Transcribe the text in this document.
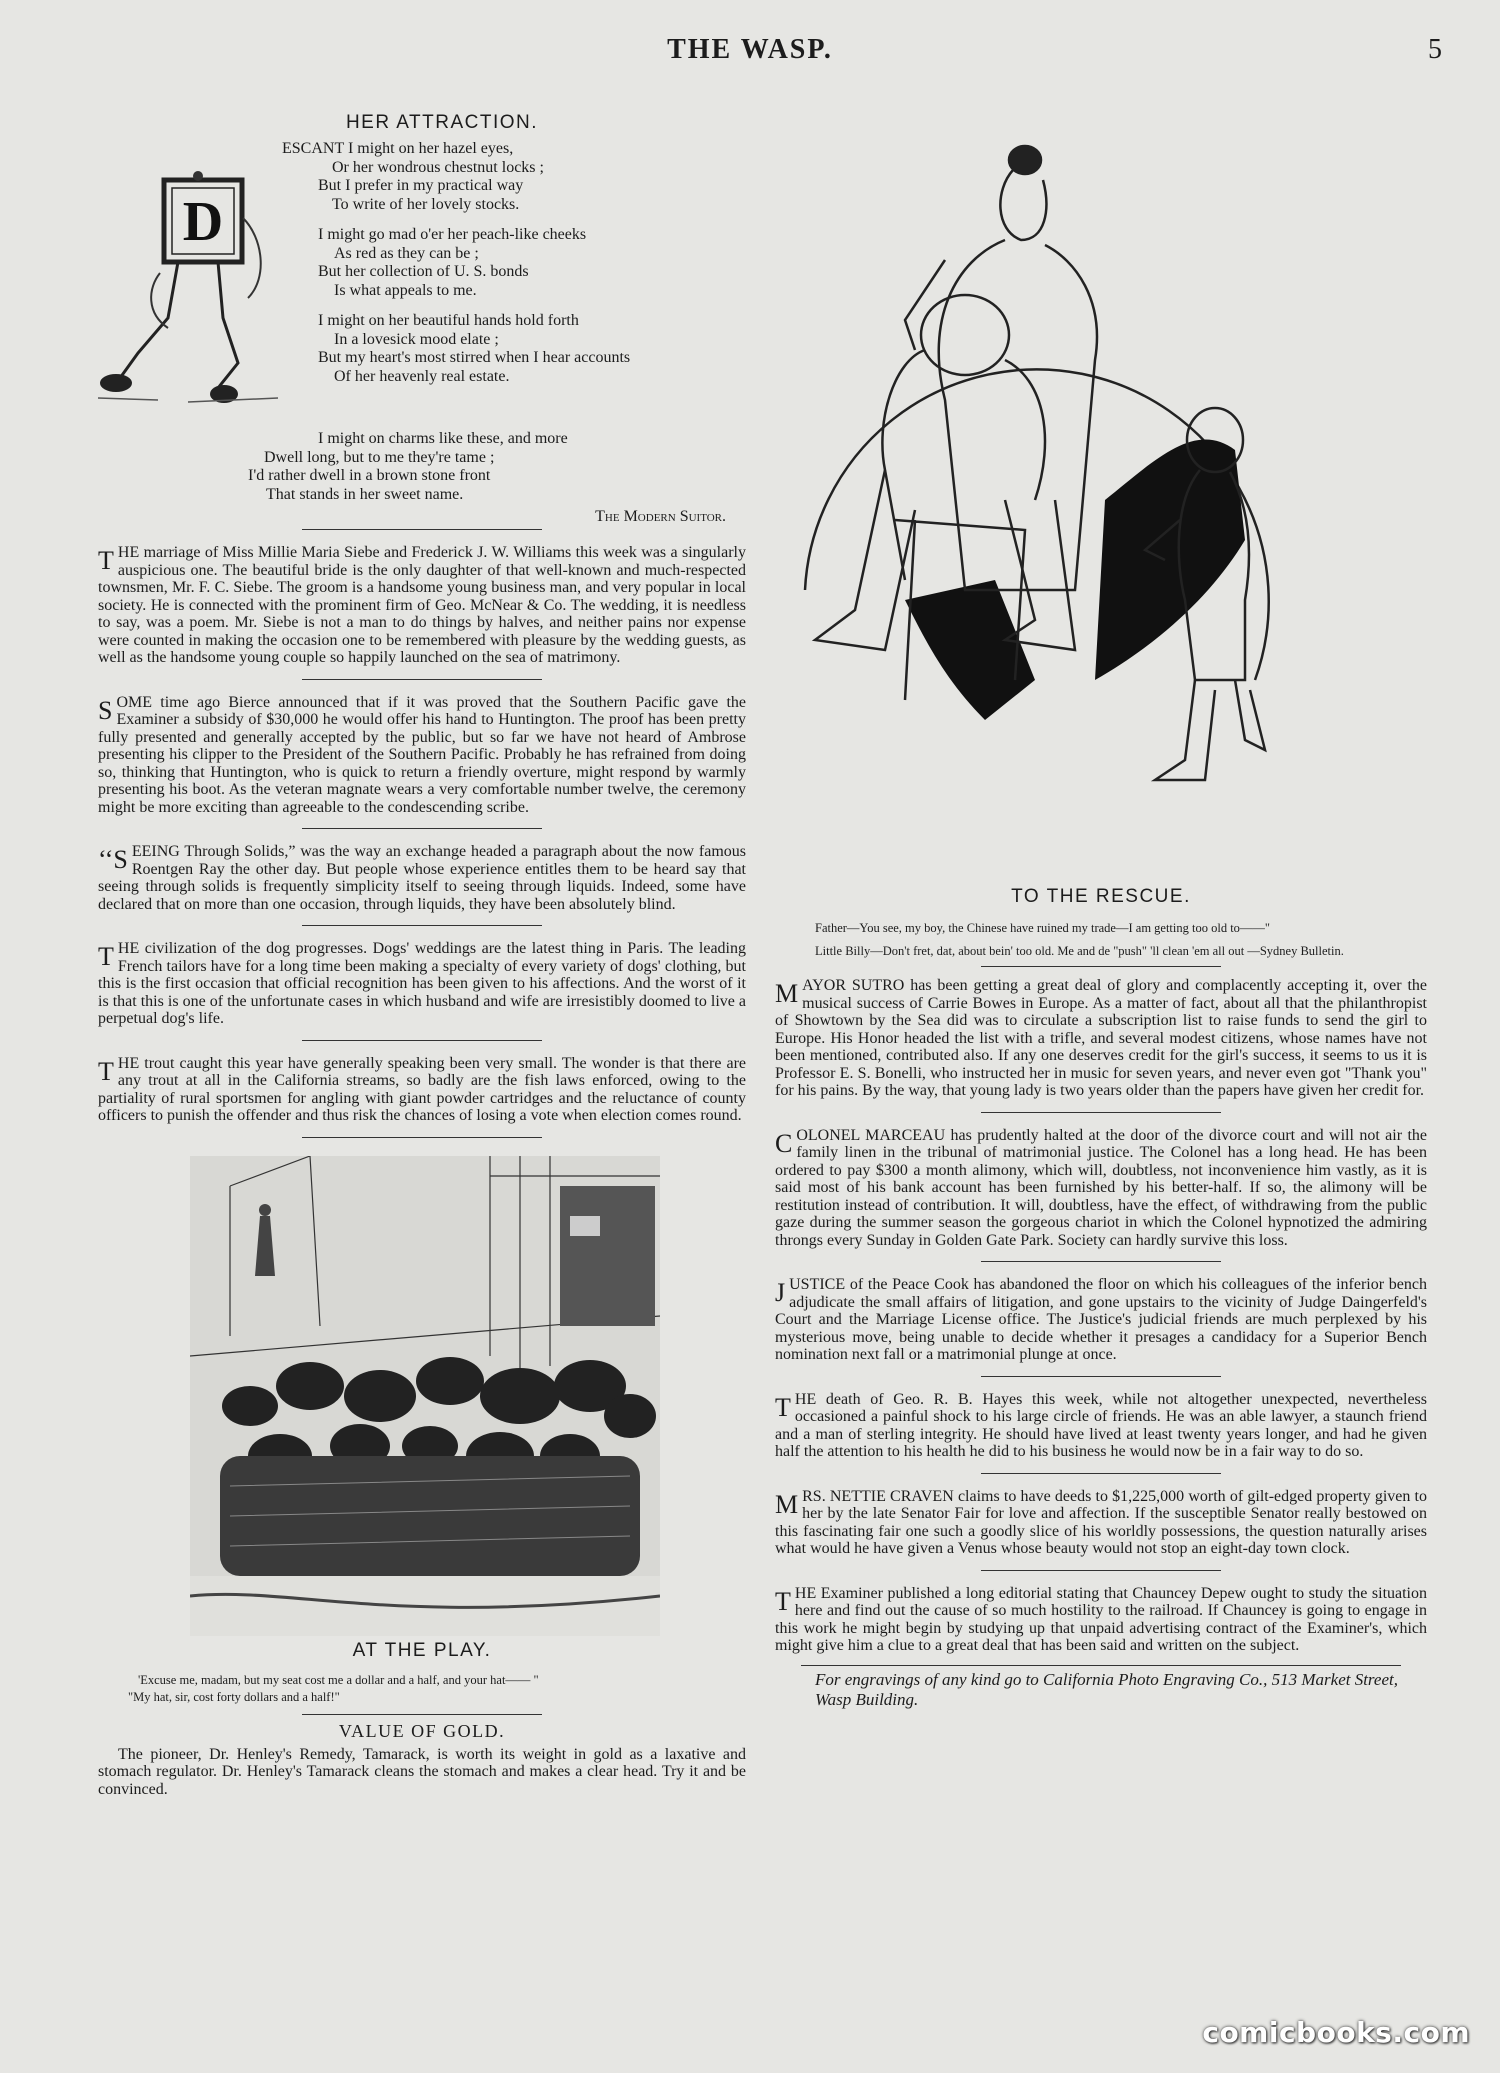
THE WASP.	5
HER ATTRACTION.
D
ESCANT I might on her hazel eyes,
Or her wondrous chestnut locks ;
But I prefer in my practical way
To write of her lovely stocks.
I might go mad o'er her peach-like cheeks
As red as they can be ;
But her collection of U. S. bonds
Is what appeals to me.
I might on her beautiful hands hold forth
In a lovesick mood elate ;
But my heart's most stirred when I hear accounts
Of her heavenly real estate.
I might on charms like these, and more
Dwell long, but to me they're tame ;
I'd rather dwell in a brown stone front
That stands in her sweet name.
The Modern Suitor.

THE marriage of Miss Millie Maria Siebe and Frederick J. W. Williams this week was a singularly auspicious one. The beautiful bride is the only daughter of that well-known and much-respected townsmen, Mr. F. C. Siebe. The groom is a handsome young business man, and very popular in local society. He is connected with the prominent firm of Geo. McNear & Co. The wedding, it is needless to say, was a poem. Mr. Siebe is not a man to do things by halves, and neither pains nor expense were counted in making the occasion one to be remembered with pleasure by the wedding guests, as well as the handsome young couple so happily launched on the sea of matrimony.

SOME time ago Bierce announced that if it was proved that the Southern Pacific gave the Examiner a subsidy of $30,000 he would offer his hand to Huntington. The proof has been pretty fully presented and generally accepted by the public, but so far we have not heard of Ambrose presenting his clipper to the President of the Southern Pacific. Probably he has refrained from doing so, thinking that Huntington, who is quick to return a friendly overture, might respond by warmly presenting his boot. As the veteran magnate wears a very comfortable number twelve, the ceremony might be more exciting than agreeable to the condescending scribe.

‘‘S EEING Through Solids,” was the way an exchange headed a paragraph about the now famous Roentgen Ray the other day. But people whose experience entitles them to be heard say that seeing through solids is frequently simplicity itself to seeing through liquids. Indeed, some have declared that on more than one occasion, through liquids, they have been absolutely blind.

THE civilization of the dog progresses. Dogs' weddings are the latest thing in Paris. The leading French tailors have for a long time been making a specialty of every variety of dogs' clothing, but this is the first occasion that official recognition has been given to his affections. And the worst of it is that this is one of the unfortunate cases in which husband and wife are irresistibly doomed to live a perpetual dog's life.

THE trout caught this year have generally speaking been very small. The wonder is that there are any trout at all in the California streams, so badly are the fish laws enforced, owing to the partiality of rural sportsmen for angling with giant powder cartridges and the reluctance of county officers to punish the offender and thus risk the chances of losing a vote when election comes round.

AT THE PLAY.

'Excuse me, madam, but my seat cost me a dollar and a half, and your hat—— "

"My hat, sir, cost forty dollars and a half!"

VALUE OF GOLD.

The pioneer, Dr. Henley's Remedy, Tamarack, is worth its weight in gold as a laxative and stomach regulator. Dr. Henley's Tamarack cleans the stomach and makes a clear head. Try it and be convinced.

TO THE RESCUE.

Father—You see, my boy, the Chinese have ruined my trade—I am getting too old to——"

Little Billy—Don't fret, dat, about bein' too old. Me and de "push" 'll clean 'em all out —Sydney Bulletin.

MAYOR SUTRO has been getting a great deal of glory and complacently accepting it, over the musical success of Carrie Bowes in Europe. As a matter of fact, about all that the philanthropist of Showtown by the Sea did was to circulate a subscription list to raise funds to send the girl to Europe. His Honor headed the list with a trifle, and several modest citizens, whose names have not been mentioned, contributed also. If any one deserves credit for the girl's success, it seems to us it is Professor E. S. Bonelli, who instructed her in music for seven years, and never even got "Thank you" for his pains. By the way, that young lady is two years older than the papers have given her credit for.

COLONEL MARCEAU has prudently halted at the door of the divorce court and will not air the family linen in the tribunal of matrimonial justice. The Colonel has a long head. He has been ordered to pay $300 a month alimony, which will, doubtless, not inconvenience him vastly, as it is said most of his bank account has been furnished by his better-half. If so, the alimony will be restitution instead of contribution. It will, doubtless, have the effect, of withdrawing from the public gaze during the summer season the gorgeous chariot in which the Colonel hypnotized the admiring throngs every Sunday in Golden Gate Park. Society can hardly survive this loss.

JUSTICE of the Peace Cook has abandoned the floor on which his colleagues of the inferior bench adjudicate the small affairs of litigation, and gone upstairs to the vicinity of Judge Daingerfeld's Court and the Marriage License office. The Justice's judicial friends are much perplexed by his mysterious move, being unable to decide whether it presages a candidacy for a Superior Bench nomination next fall or a matrimonial plunge at once.

THE death of Geo. R. B. Hayes this week, while not altogether unexpected, nevertheless occasioned a painful shock to his large circle of friends. He was an able lawyer, a staunch friend and a man of sterling integrity. He should have lived at least twenty years longer, and had he given half the attention to his health he did to his business he would now be in a fair way to do so.

MRS. NETTIE CRAVEN claims to have deeds to $1,225,000 worth of gilt-edged property given to her by the late Senator Fair for love and affection. If the susceptible Senator really bestowed on this fascinating fair one such a goodly slice of his worldly possessions, the question naturally arises what would he have given a Venus whose beauty would not stop an eight-day town clock.

THE Examiner published a long editorial stating that Chauncey Depew ought to study the situation here and find out the cause of so much hostility to the railroad. If Chauncey is going to engage in this work he might begin by studying up that unpaid advertising contract of the Examiner's, which might give him a clue to a great deal that has been said and written on the subject.

For engravings of any kind go to California Photo Engraving Co., 513 Market Street, Wasp Building.

comicbooks.com
